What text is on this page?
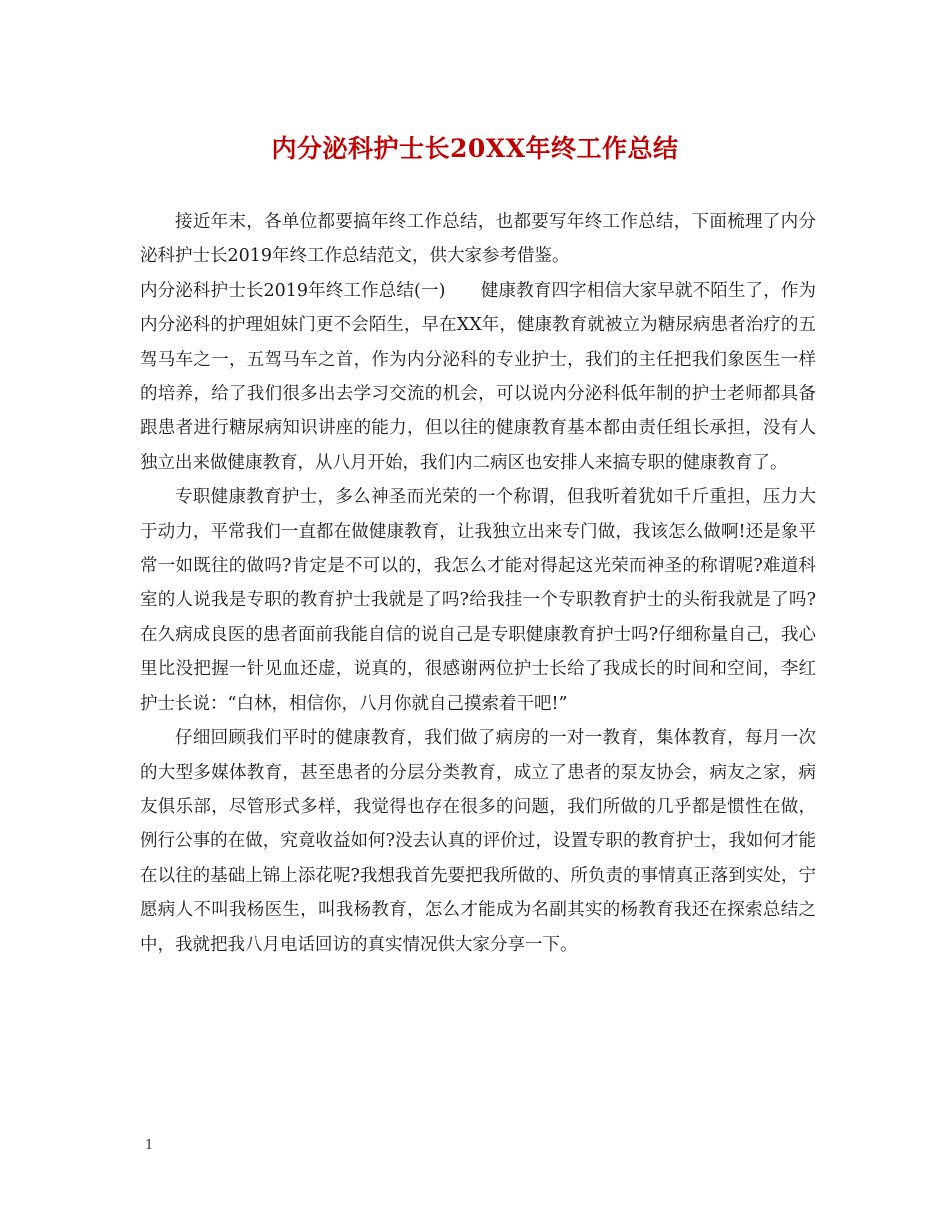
内分泌科护士长20XX年终工作总结

接近年末，各单位都要搞年终工作总结，也都要写年终工作总结，下面梳理了内分泌科护士长2019年终工作总结范文，供大家参考借鉴。

内分泌科护士长2019年终工作总结(一)　　健康教育四字相信大家早就不陌生了，作为内分泌科的护理姐妹门更不会陌生，早在XX年，健康教育就被立为糖尿病患者治疗的五驾马车之一，五驾马车之首，作为内分泌科的专业护士，我们的主任把我们象医生一样的培养，给了我们很多出去学习交流的机会，可以说内分泌科低年制的护士老师都具备跟患者进行糖尿病知识讲座的能力，但以往的健康教育基本都由责任组长承担，没有人独立出来做健康教育，从八月开始，我们内二病区也安排人来搞专职的健康教育了。

专职健康教育护士，多么神圣而光荣的一个称谓，但我听着犹如千斤重担，压力大于动力，平常我们一直都在做健康教育，让我独立出来专门做，我该怎么做啊!还是象平常一如既往的做吗?肯定是不可以的，我怎么才能对得起这光荣而神圣的称谓呢?难道科室的人说我是专职的教育护士我就是了吗?给我挂一个专职教育护士的头衔我就是了吗?在久病成良医的患者面前我能自信的说自己是专职健康教育护士吗?仔细称量自己，我心里比没把握一针见血还虚，说真的，很感谢两位护士长给了我成长的时间和空间，李红护士长说：“白林，相信你，八月你就自己摸索着干吧!”

仔细回顾我们平时的健康教育，我们做了病房的一对一教育，集体教育，每月一次的大型多媒体教育，甚至患者的分层分类教育，成立了患者的泵友协会，病友之家，病友俱乐部，尽管形式多样，我觉得也存在很多的问题，我们所做的几乎都是惯性在做，例行公事的在做，究竟收益如何?没去认真的评价过，设置专职的教育护士，我如何才能在以往的基础上锦上添花呢?我想我首先要把我所做的、所负责的事情真正落到实处，宁愿病人不叫我杨医生，叫我杨教育，怎么才能成为名副其实的杨教育我还在探索总结之中，我就把我八月电话回访的真实情况供大家分享一下。

1
